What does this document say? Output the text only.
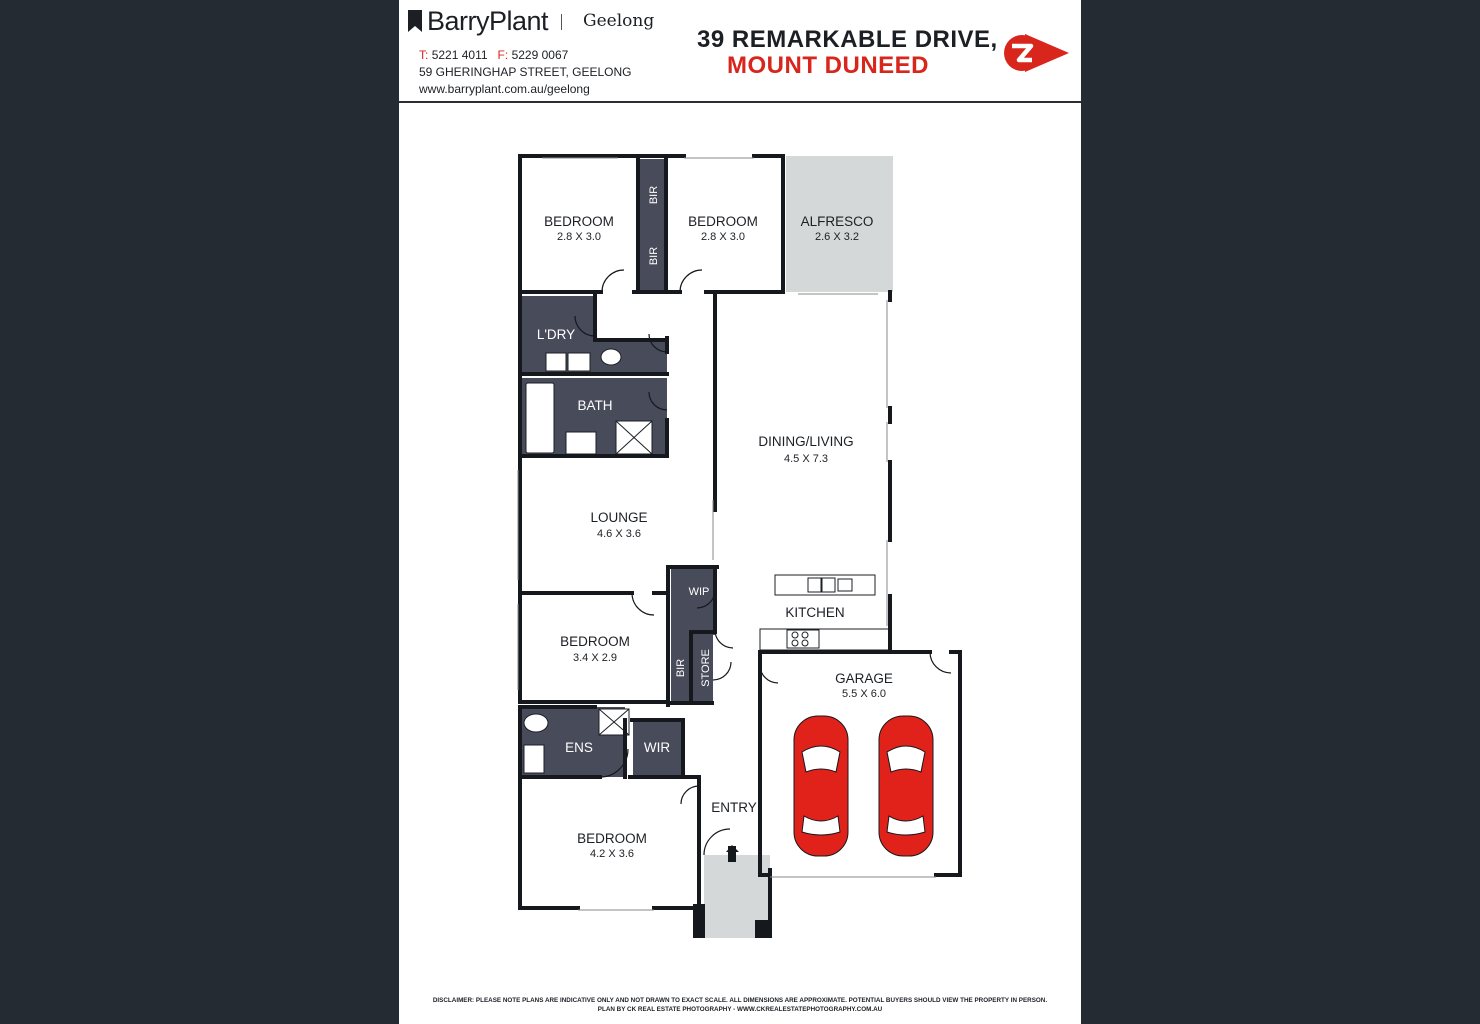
BarryPlant Geelong
T: 5221 4011 F: 5229 0067
59 GHERINGHAP STREET, GEELONG
www.barryplant.com.au/geelong
39 REMARKABLE DRIVE,
MOUNT DUNEED
BEDROOM
2.8 X 3.0
BEDROOM
2.8 X 3.0
ALFRESCO
2.6 X 3.2
BIR
BIR
L'DRY
BATH
DINING/LIVING
4.5 X 7.3
LOUNGE
4.6 X 3.6
WIP
KITCHEN
BEDROOM
3.4 X 2.9
BIR STORE	GARAGE
5.5 X 6.0
ENS	WIR
ENTRY
BEDROOM
4.2 X 3.6
DISCLAIMER: PLEASE NOTE PLANS ARE INDICATIVE ONLY AND NOT DRAWN TO EXACT SCALE. ALL DIMENSIONS ARE APPROXIMATE. POTENTIAL BUYERS SHOULD VIEW THE PROPERTY IN PERSON.
PLAN BY CK REAL ESTATE PHOTOGRAPHY - WWW.CKREALESTATEPHOTOGRAPHY.COM.AU
